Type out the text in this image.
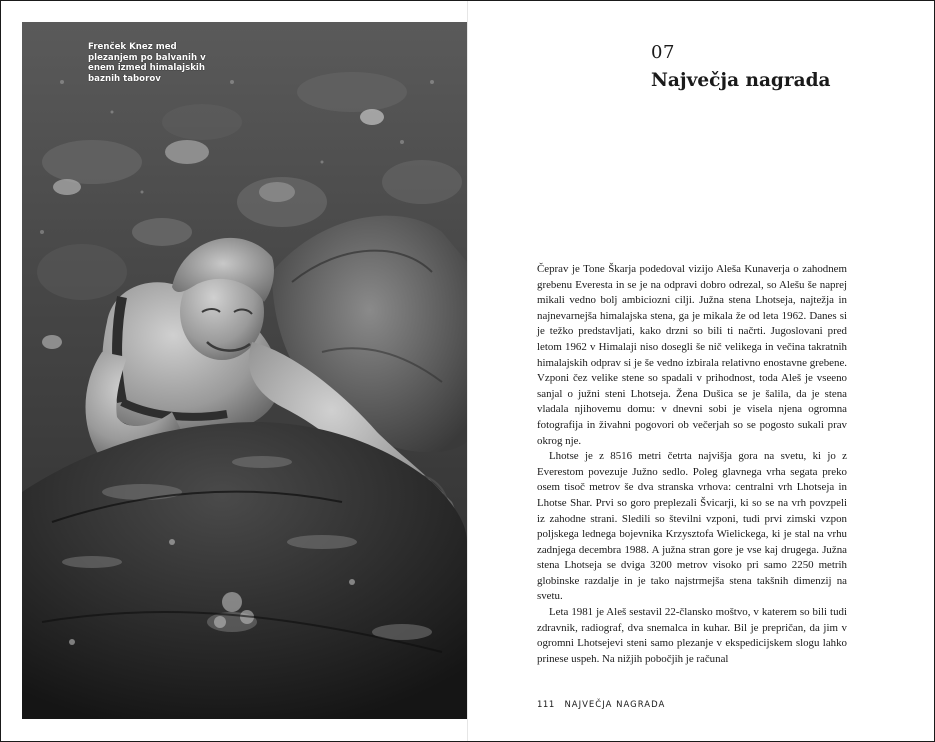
Frenček Knez med plezanjem po balvanih v enem izmed himalajskih baznih taborov

07

Največja nagrada

Čeprav je Tone Škarja podedoval vizijo Aleša Kunaverja o zahodnem grebenu Everesta in se je na odpravi dobro odrezal, so Alešu še naprej mikali vedno bolj ambiciozni cilji. Južna stena Lhotseja, najtežja in najnevarnejša himalajska stena, ga je mikala že od leta 1962. Danes si je težko predstavljati, kako drzni so bili ti načrti. Jugoslovani pred letom 1962 v Himalaji niso dosegli še nič velikega in večina takratnih himalajskih odprav si je še vedno izbirala relativno enostavne grebene. Vzponi čez velike stene so spadali v prihodnost, toda Aleš je vseeno sanjal o južni steni Lhotseja. Žena Dušica se je šalila, da je stena vladala njihovemu domu: v dnevni sobi je visela njena ogromna fotografija in živahni pogovori ob večerjah so se pogosto sukali prav okrog nje.

Lhotse je z 8516 metri četrta najvišja gora na svetu, ki jo z Everestom povezuje Južno sedlo. Poleg glavnega vrha segata preko osem tisoč metrov še dva stranska vrhova: centralni vrh Lhotseja in Lhotse Shar. Prvi so goro preplezali Švicarji, ki so se na vrh povzpeli iz zahodne strani. Sledili so številni vzponi, tudi prvi zimski vzpon poljskega lednega bojevnika Krzysztofa Wielickega, ki je stal na vrhu zadnjega decembra 1988. A južna stran gore je vse kaj drugega. Južna stena Lhotseja se dviga 3200 metrov visoko pri samo 2250 metrih globinske razdalje in je tako najstrmejša stena takšnih dimenzij na svetu.

Leta 1981 je Aleš sestavil 22-člansko moštvo, v katerem so bili tudi zdravnik, radiograf, dva snemalca in kuhar. Bil je prepričan, da jim v ogromni Lhotsejevi steni samo plezanje v ekspedicijskem slogu lahko prinese uspeh. Na nižjih pobočjih je računal

111 NAJVEČJA NAGRADA
